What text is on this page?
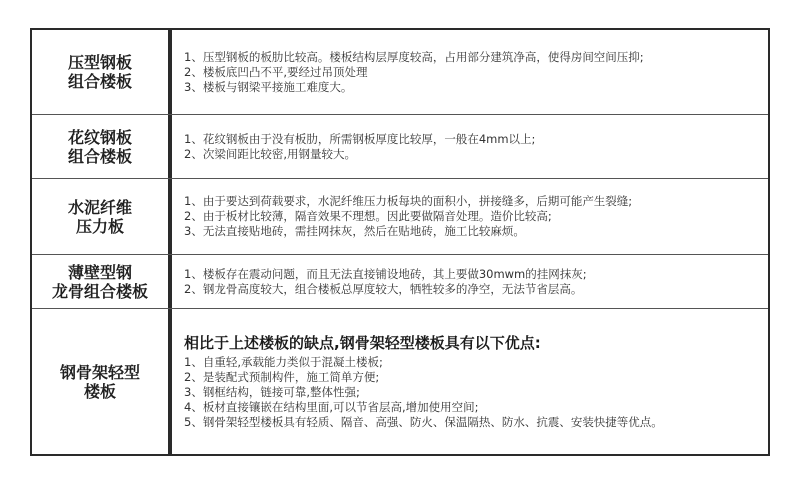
压型钢板
组合楼板
1、压型钢板的板肋比较高。楼板结构层厚度较高，占用部分建筑净高，使得房间空间压抑;
2、楼板底凹凸不平,要经过吊顶处理
3、楼板与钢梁平接施工难度大。
花纹钢板
组合楼板
1、花纹钢板由于没有板肋，所需钢板厚度比较厚，一般在4mm以上;
2、次梁间距比较密,用钢量较大。
水泥纤维
压力板
1、由于要达到荷载要求，水泥纤维压力板每块的面积小，拼接缝多，后期可能产生裂缝;
2、由于板材比较薄，隔音效果不理想。因此要做隔音处理。造价比较高;
3、无法直接贴地砖，需挂网抹灰，然后在贴地砖，施工比较麻烦。
薄壁型钢
龙骨组合楼板
1、楼板存在震动问题，而且无法直接铺设地砖，其上要做30mwm的挂网抹灰;
2、钢龙骨高度较大，组合楼板总厚度较大，牺牲较多的净空，无法节省层高。
钢骨架轻型
楼板
相比于上述楼板的缺点,钢骨架轻型楼板具有以下优点:
1、自重轻,承载能力类似于混凝土楼板;
2、是装配式预制构件，施工简单方便;
3、钢框结构，链接可靠,整体性强;
4、板材直接镶嵌在结构里面,可以节省层高,增加使用空间;
5、钢骨架轻型楼板具有轻质、隔音、高强、防火、保温隔热、防水、抗震、安装快捷等优点。
